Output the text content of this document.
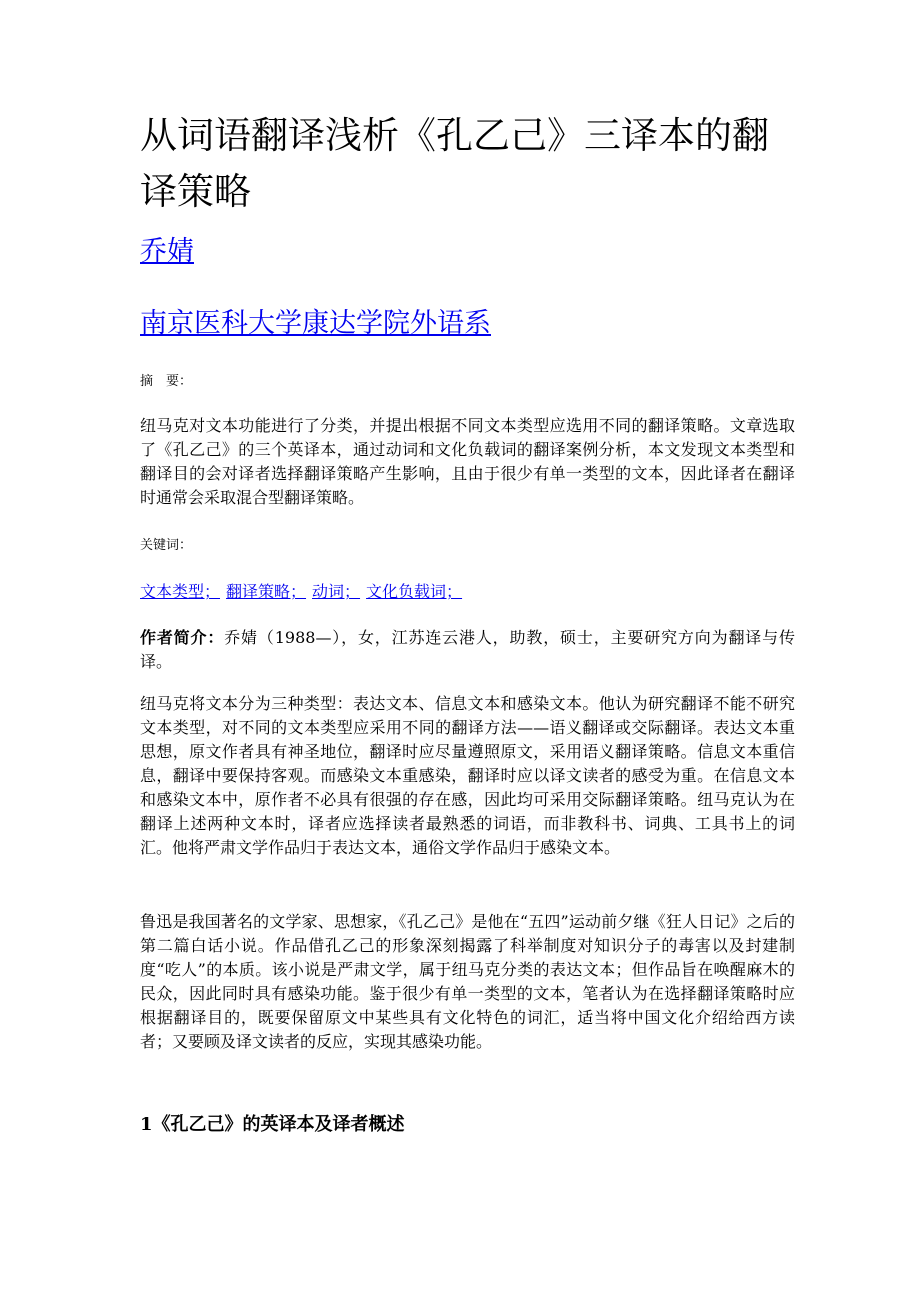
从词语翻译浅析《孔乙己》三译本的翻译策略
乔婧
南京医科大学康达学院外语系
摘　要：

纽马克对文本功能进行了分类，并提出根据不同文本类型应选用不同的翻译策略。文章选取了《孔乙己》的三个英译本，通过动词和文化负载词的翻译案例分析，本文发现文本类型和翻译目的会对译者选择翻译策略产生影响，且由于很少有单一类型的文本，因此译者在翻译时通常会采取混合型翻译策略。

关键词：
文本类型； 翻译策略； 动词； 文化负载词；

作者简介：乔婧（1988—），女，江苏连云港人，助教，硕士，主要研究方向为翻译与传译。

纽马克将文本分为三种类型：表达文本、信息文本和感染文本。他认为研究翻译不能不研究文本类型，对不同的文本类型应采用不同的翻译方法——语义翻译或交际翻译。表达文本重思想，原文作者具有神圣地位，翻译时应尽量遵照原文，采用语义翻译策略。信息文本重信息，翻译中要保持客观。而感染文本重感染，翻译时应以译文读者的感受为重。在信息文本和感染文本中，原作者不必具有很强的存在感，因此均可采用交际翻译策略。纽马克认为在翻译上述两种文本时，译者应选择读者最熟悉的词语，而非教科书、词典、工具书上的词汇。他将严肃文学作品归于表达文本，通俗文学作品归于感染文本。

鲁迅是我国著名的文学家、思想家，《孔乙己》是他在“五四”运动前夕继《狂人日记》之后的第二篇白话小说。作品借孔乙己的形象深刻揭露了科举制度对知识分子的毒害以及封建制度“吃人”的本质。该小说是严肃文学，属于纽马克分类的表达文本；但作品旨在唤醒麻木的民众，因此同时具有感染功能。鉴于很少有单一类型的文本，笔者认为在选择翻译策略时应根据翻译目的，既要保留原文中某些具有文化特色的词汇，适当将中国文化介绍给西方读者；又要顾及译文读者的反应，实现其感染功能。

1《孔乙己》的英译本及译者概述
